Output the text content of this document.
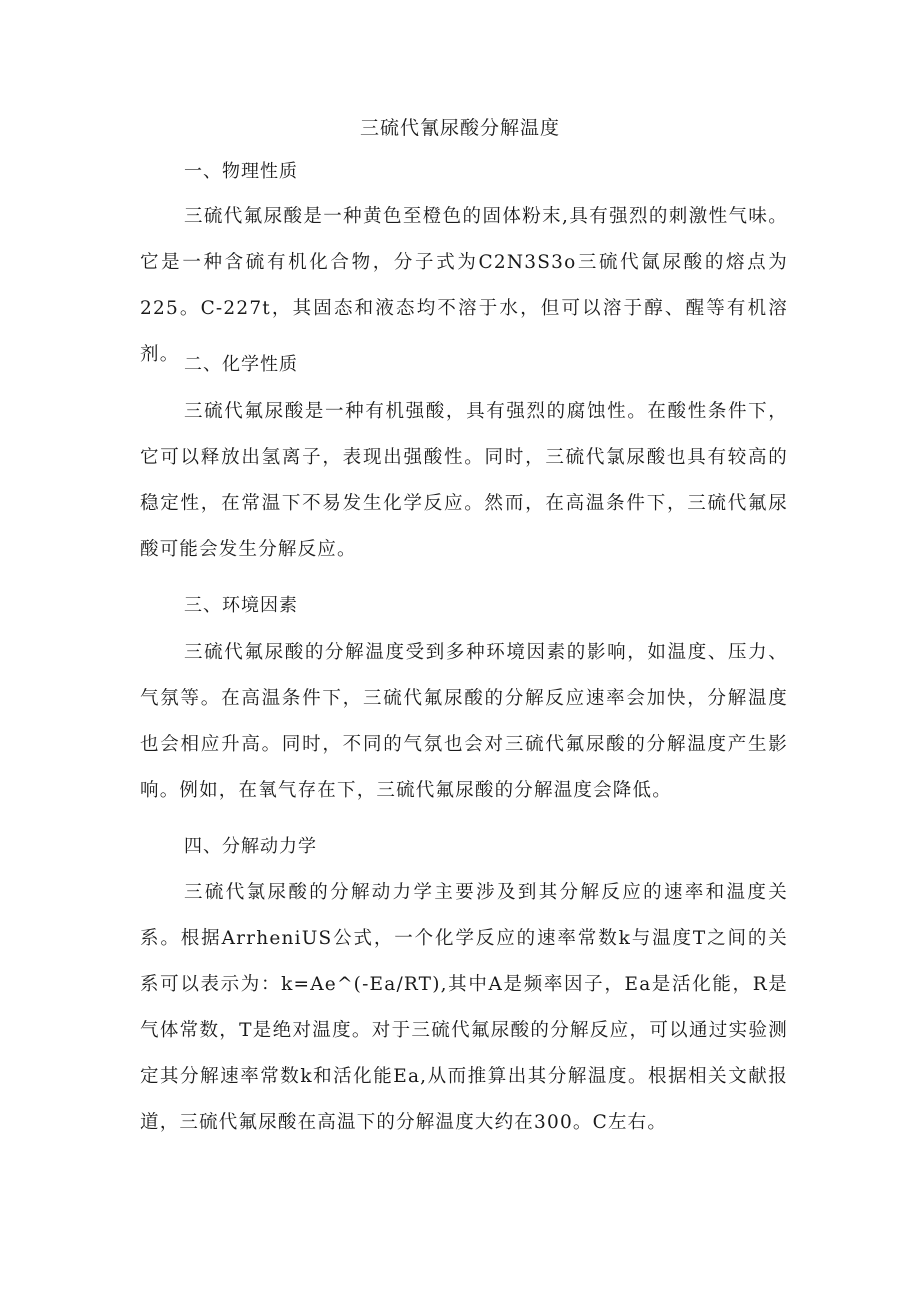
三硫代氰尿酸分解温度
一、物理性质

三硫代氟尿酸是一种黄色至橙色的固体粉末,具有强烈的刺激性气味。它是一种含硫有机化合物，分子式为C2N3S3o三硫代氤尿酸的熔点为225。C-227t，其固态和液态均不溶于水，但可以溶于醇、醒等有机溶剂。 二、化学性质

三硫代氟尿酸是一种有机强酸，具有强烈的腐蚀性。在酸性条件下，它可以释放出氢离子，表现出强酸性。同时，三硫代氯尿酸也具有较高的稳定性，在常温下不易发生化学反应。然而，在高温条件下，三硫代氟尿酸可能会发生分解反应。

三、环境因素

三硫代氟尿酸的分解温度受到多种环境因素的影响，如温度、压力、气氛等。在高温条件下，三硫代氟尿酸的分解反应速率会加快，分解温度也会相应升高。同时，不同的气氛也会对三硫代氟尿酸的分解温度产生影响。例如，在氧气存在下，三硫代氟尿酸的分解温度会降低。

四、分解动力学

三硫代氯尿酸的分解动力学主要涉及到其分解反应的速率和温度关系。根据ArrheniUS公式，一个化学反应的速率常数k与温度T之间的关系可以表示为：k=Ae^(-Ea/RT),其中A是频率因子，Ea是活化能，R是气体常数，T是绝对温度。对于三硫代氟尿酸的分解反应，可以通过实验测定其分解速率常数k和活化能Ea,从而推算出其分解温度。根据相关文献报道，三硫代氟尿酸在高温下的分解温度大约在300。C左右。
